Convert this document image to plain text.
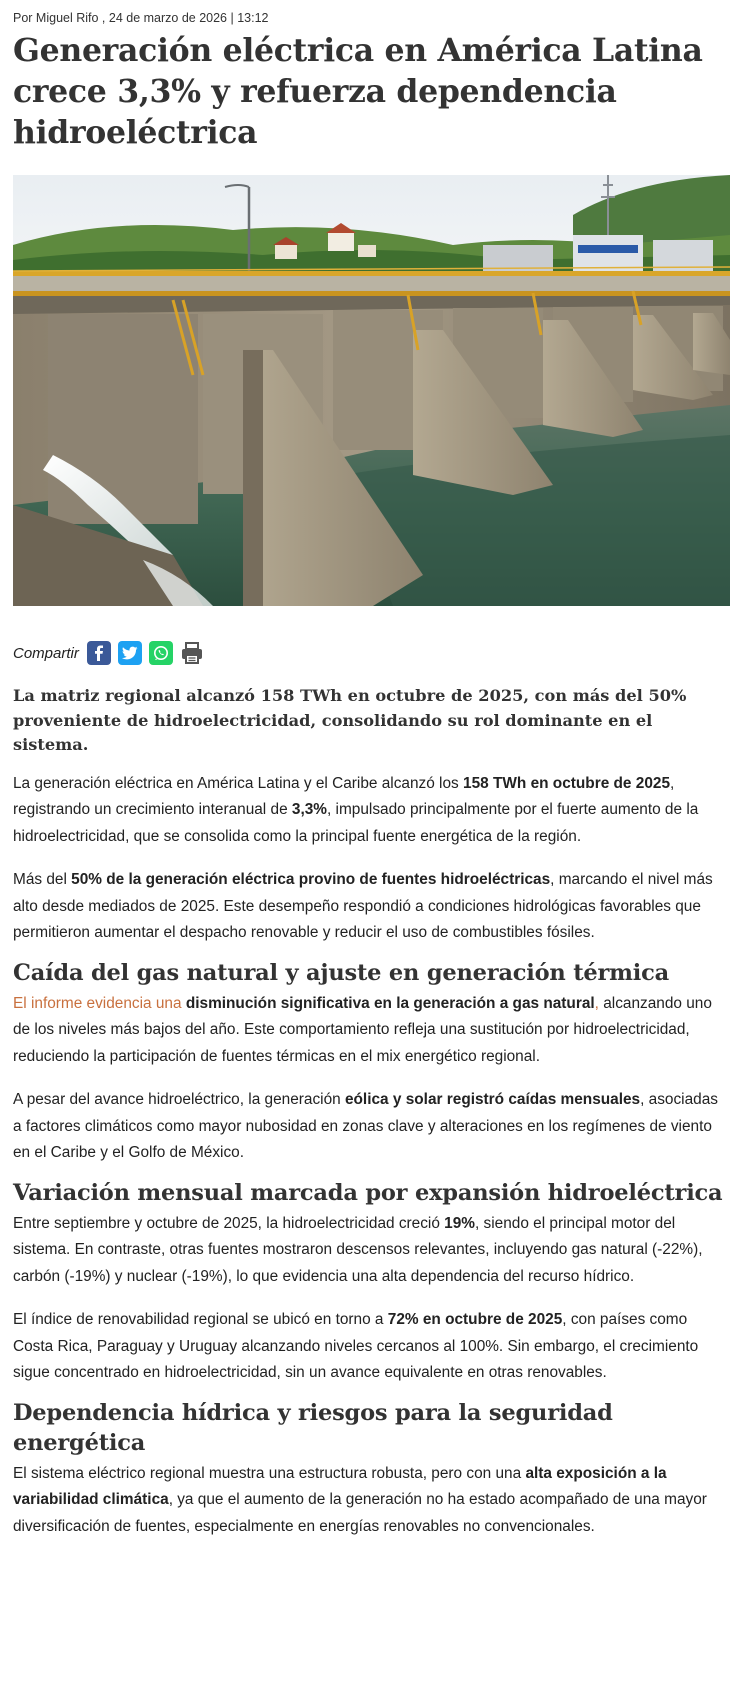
Por Miguel Rifo , 24 de marzo de 2026 | 13:12
Generación eléctrica en América Latina crece 3,3% y refuerza dependencia hidroeléctrica
Compartir
La matriz regional alcanzó 158 TWh en octubre de 2025, con más del 50% proveniente de hidroelectricidad, consolidando su rol dominante en el sistema.

La generación eléctrica en América Latina y el Caribe alcanzó los 158 TWh en octubre de 2025, registrando un crecimiento interanual de 3,3%, impulsado principalmente por el fuerte aumento de la hidroelectricidad, que se consolida como la principal fuente energética de la región.

Más del 50% de la generación eléctrica provino de fuentes hidroeléctricas, marcando el nivel más alto desde mediados de 2025. Este desempeño respondió a condiciones hidrológicas favorables que permitieron aumentar el despacho renovable y reducir el uso de combustibles fósiles.

Caída del gas natural y ajuste en generación térmica

El informe evidencia una disminución significativa en la generación a gas natural, alcanzando uno de los niveles más bajos del año. Este comportamiento refleja una sustitución por hidroelectricidad, reduciendo la participación de fuentes térmicas en el mix energético regional.

A pesar del avance hidroeléctrico, la generación eólica y solar registró caídas mensuales, asociadas a factores climáticos como mayor nubosidad en zonas clave y alteraciones en los regímenes de viento en el Caribe y el Golfo de México.

Variación mensual marcada por expansión hidroeléctrica

Entre septiembre y octubre de 2025, la hidroelectricidad creció 19%, siendo el principal motor del sistema. En contraste, otras fuentes mostraron descensos relevantes, incluyendo gas natural (-22%), carbón (-19%) y nuclear (-19%), lo que evidencia una alta dependencia del recurso hídrico.

El índice de renovabilidad regional se ubicó en torno a 72% en octubre de 2025, con países como Costa Rica, Paraguay y Uruguay alcanzando niveles cercanos al 100%. Sin embargo, el crecimiento sigue concentrado en hidroelectricidad, sin un avance equivalente en otras renovables.

Dependencia hídrica y riesgos para la seguridad energética

El sistema eléctrico regional muestra una estructura robusta, pero con una alta exposición a la variabilidad climática, ya que el aumento de la generación no ha estado acompañado de una mayor diversificación de fuentes, especialmente en energías renovables no convencionales.
